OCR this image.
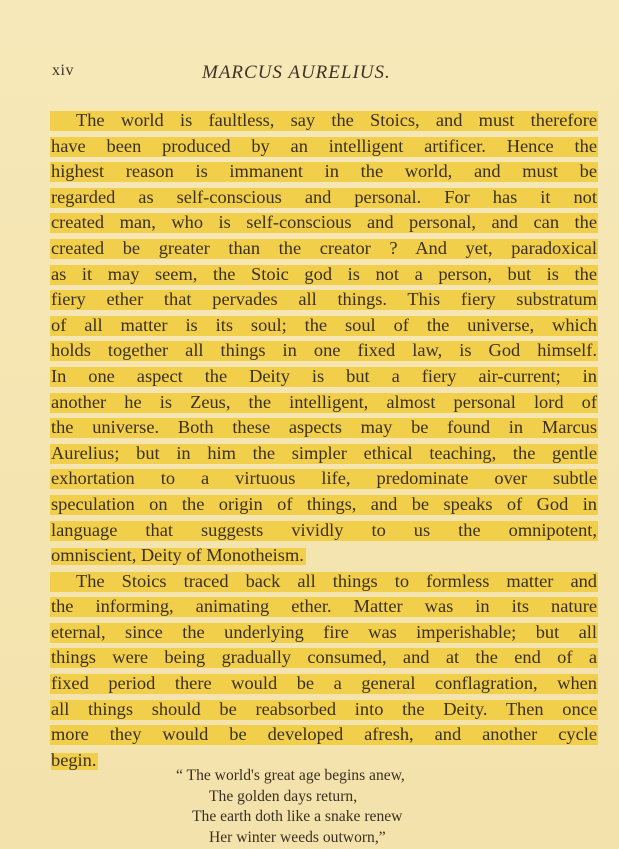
xiv	MARCUS AURELIUS.
The world is faultless, say the Stoics, and must therefore
have been produced by an intelligent artificer. Hence the
highest reason is immanent in the world, and must be
regarded as self-conscious and personal. For has it not
created man, who is self-conscious and personal, and can the
created be greater than the creator ? And yet, paradoxical
as it may seem, the Stoic god is not a person, but is the
fiery ether that pervades all things. This fiery substratum
of all matter is its soul; the soul of the universe, which
holds together all things in one fixed law, is God himself.
In one aspect the Deity is but a fiery air-current; in
another he is Zeus, the intelligent, almost personal lord of
the universe. Both these aspects may be found in Marcus
Aurelius; but in him the simpler ethical teaching, the gentle
exhortation to a virtuous life, predominate over subtle
speculation on the origin of things, and be speaks of God in
language that suggests vividly to us the omnipotent,
omniscient, Deity of Monotheism.
The Stoics traced back all things to formless matter and
the informing, animating ether. Matter was in its nature
eternal, since the underlying fire was imperishable; but all
things were being gradually consumed, and at the end of a
fixed period there would be a general conflagration, when
all things should be reabsorbed into the Deity. Then once
more they would be developed afresh, and another cycle
begin.
“ The world's great age begins anew,
The golden days return,
The earth doth like a snake renew
Her winter weeds outworn,”
